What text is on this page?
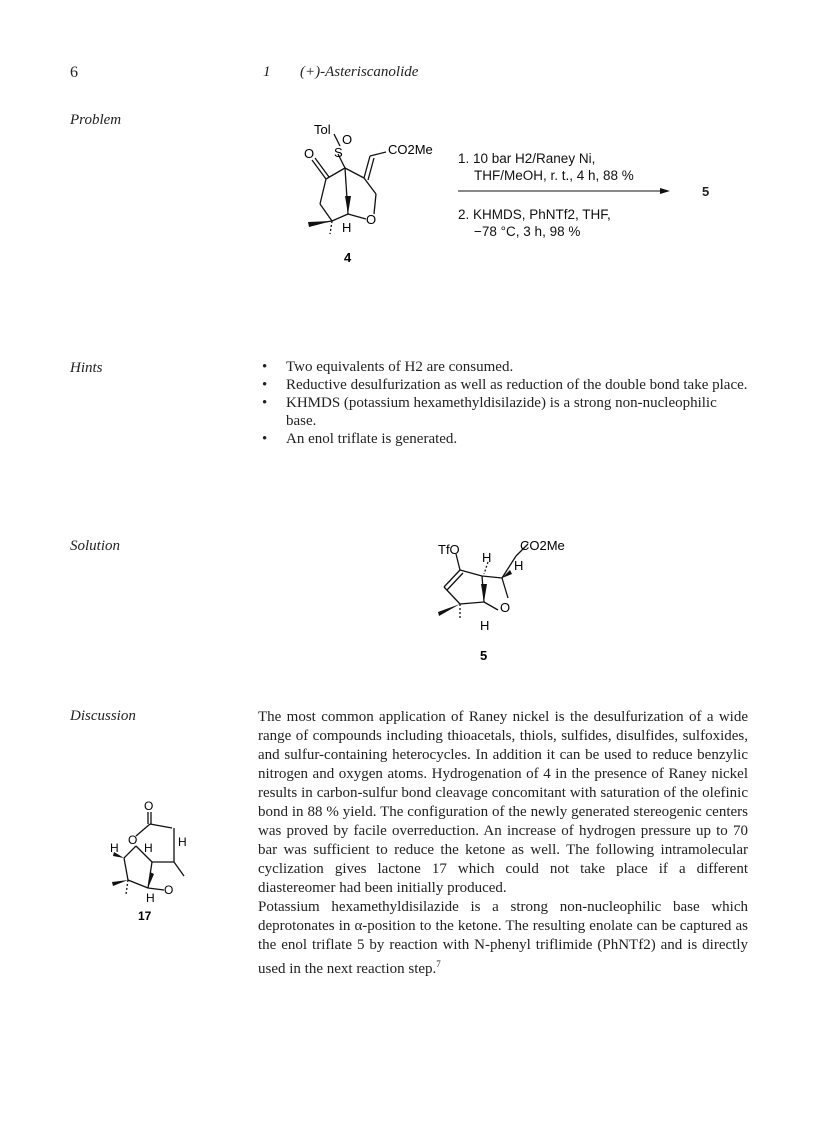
6	1 (+)-Asteriscanolide
Problem
Hints
Solution
Discussion
Tol
O
S
O	CO2Me
O
H
4
1. 10 bar H2/Raney Ni,
THF/MeOH, r. t., 4 h, 88 %
5
2. KHMDS, PhNTf2, THF,
−78 °C, 3 h, 98 %
• Two equivalents of H2 are consumed.
• Reductive desulfurization as well as reduction of the double bond take place.
• KHMDS (potassium hexamethyldisilazide) is a strong non-nucleophilic base.
• An enol triflate is generated.
TfO	CO2Me
H
H
O
H
5
O
O
H H H
O
H
17

The most common application of Raney nickel is the desulfurization of a wide range of compounds including thioacetals, thiols, sulfides, disulfides, sulfoxides, and sulfur-containing heterocycles. In addition it can be used to reduce benzylic nitrogen and oxygen atoms. Hydrogenation of 4 in the presence of Raney nickel results in carbon-sulfur bond cleavage concomitant with saturation of the olefinic bond in 88 % yield. The configuration of the newly generated stereogenic centers was proved by facile overreduction. An increase of hydrogen pressure up to 70 bar was sufficient to reduce the ketone as well. The following intramolecular cyclization gives lactone 17 which could not take place if a different diastereomer had been initially produced.

Potassium hexamethyldisilazide is a strong non-nucleophilic base which deprotonates in α-position to the ketone. The resulting enolate can be captured as the enol triflate 5 by reaction with N-phenyl triflimide (PhNTf2) and is directly used in the next reaction step.$^7$
